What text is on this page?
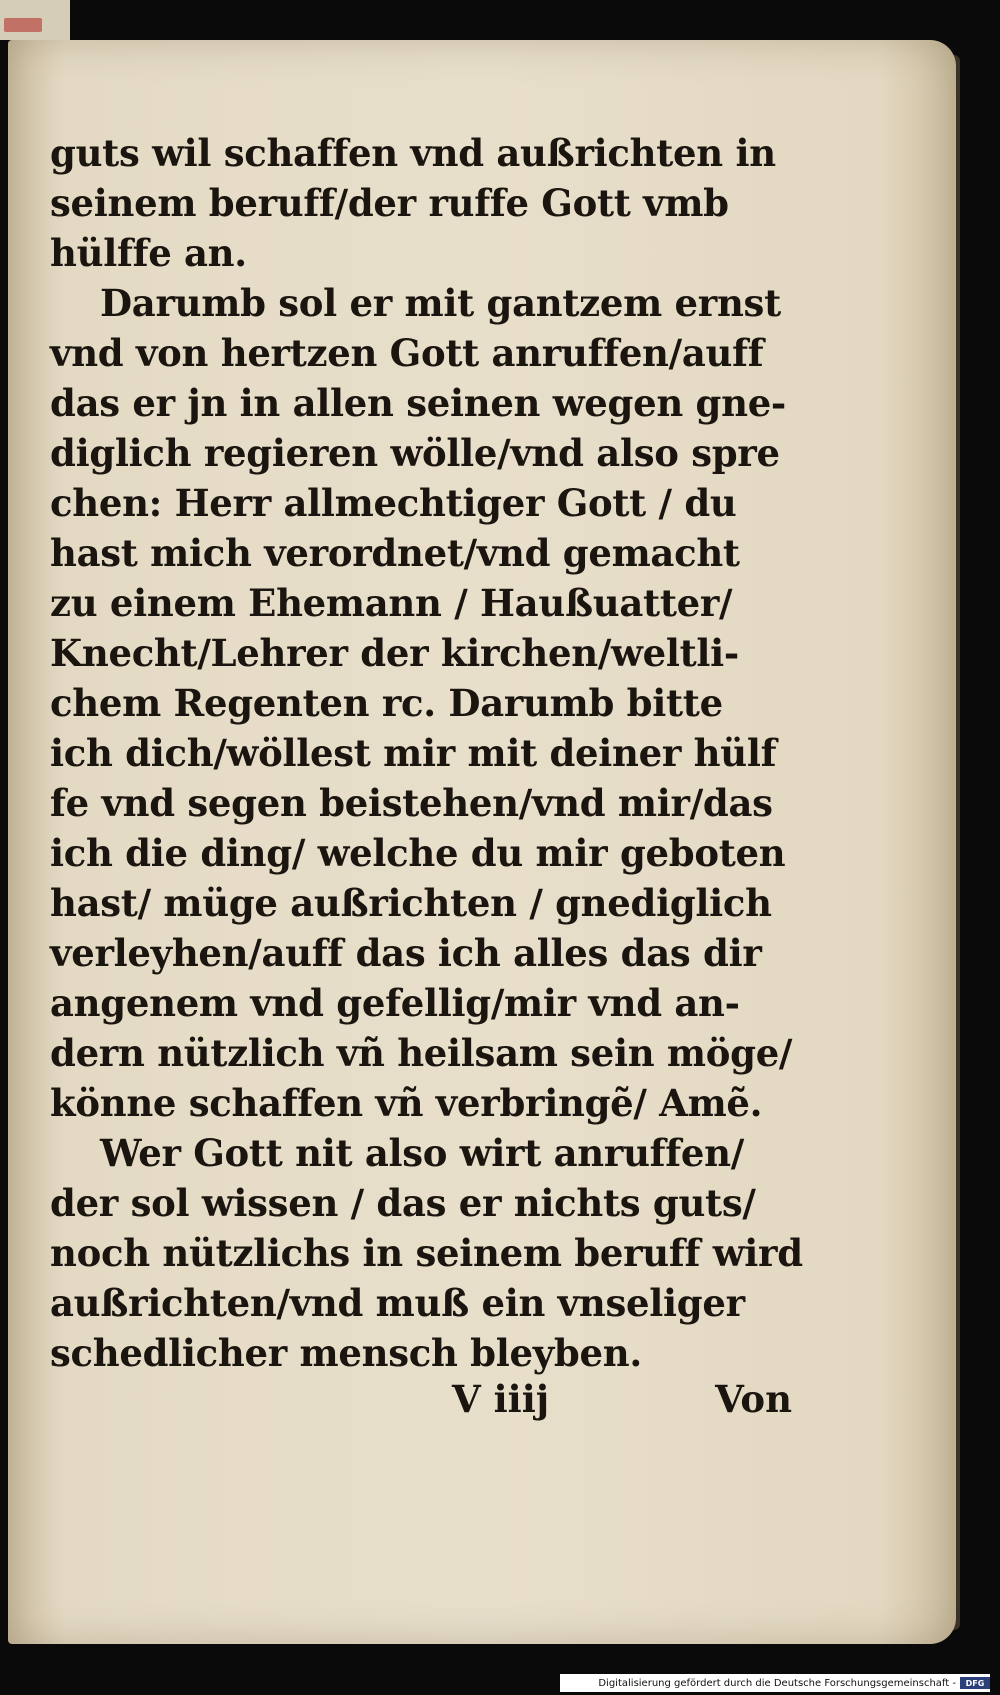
guts wil schaffen vnd außrichten in
seinem beruff/der ruffe Gott vmb
hülffe an.
Darumb sol er mit gantzem ernst
vnd von hertzen Gott anruffen/auff
das er jn in allen seinen wegen gne-
diglich regieren wölle/vnd also spre
chen: Herr allmechtiger Gott / du
hast mich verordnet/vnd gemacht
zu einem Ehemann / Haußuatter/
Knecht/Lehrer der kirchen/weltli-
chem Regenten rc. Darumb bitte
ich dich/wöllest mir mit deiner hülf
fe vnd segen beistehen/vnd mir/das
ich die ding/ welche du mir geboten
hast/ müge außrichten / gnediglich
verleyhen/auff das ich alles das dir
angenem vnd gefellig/mir vnd an-
dern nützlich vñ heilsam sein möge/
könne schaffen vñ verbringẽ/ Amẽ.
Wer Gott nit also wirt anruffen/
der sol wissen / das er nichts guts/
noch nützlichs in seinem beruff wird
außrichten/vnd muß ein vnseliger
schedlicher mensch bleyben.
V iiij	Von
Digitalisierung gefördert durch die Deutsche Forschungsgemeinschaft -	DFG
